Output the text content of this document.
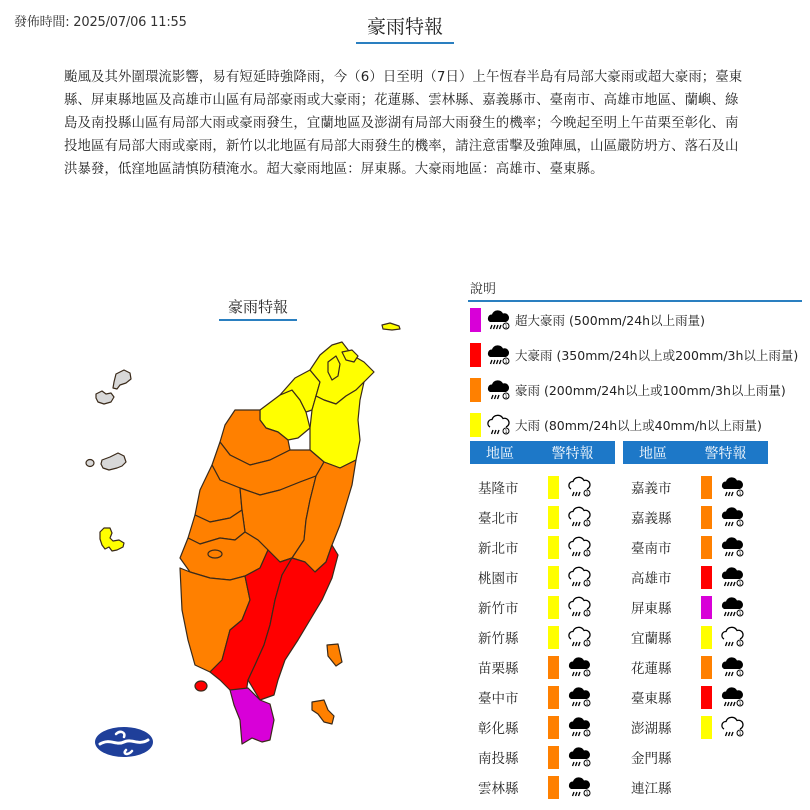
發佈時間: 2025/07/06 11:55	豪雨特報
颱風及其外圍環流影響，易有短延時強降雨，今（6）日至明（7日）上午恆春半島有局部大豪雨或超大豪雨；臺東縣、屏東縣地區及高雄市山區有局部豪雨或大豪雨；花蓮縣、雲林縣、嘉義縣市、臺南市、高雄市地區、蘭嶼、綠島及南投縣山區有局部大雨或豪雨發生，宜蘭地區及澎湖有局部大雨發生的機率；今晚起至明上午苗栗至彰化、南投地區有局部大雨或豪雨，新竹以北地區有局部大雨發生的機率，請注意雷擊及強陣風，山區嚴防坍方、落石及山洪暴發，低窪地區請慎防積淹水。超大豪雨地區：屏東縣。大豪雨地區：高雄市、臺東縣。
豪雨特報
說明
1 超大豪雨 (500mm/24h以上雨量)
1 大豪雨 (350mm/24h以上或200mm/3h以上雨量)
1 豪雨 (200mm/24h以上或100mm/3h以上雨量)
1 大雨 (80mm/24h以上或40mm/h以上雨量)
地區	警特報
基隆市	1
臺北市	1
新北市	1
桃園市	1
新竹市	1
新竹縣	1
苗栗縣	1
臺中市	1
彰化縣	1
南投縣	1
雲林縣	1
地區	警特報
嘉義市	1
嘉義縣	1
臺南市	1
高雄市	1
屏東縣	1
宜蘭縣	1
花蓮縣	1
臺東縣	1
澎湖縣	1
金門縣
連江縣
